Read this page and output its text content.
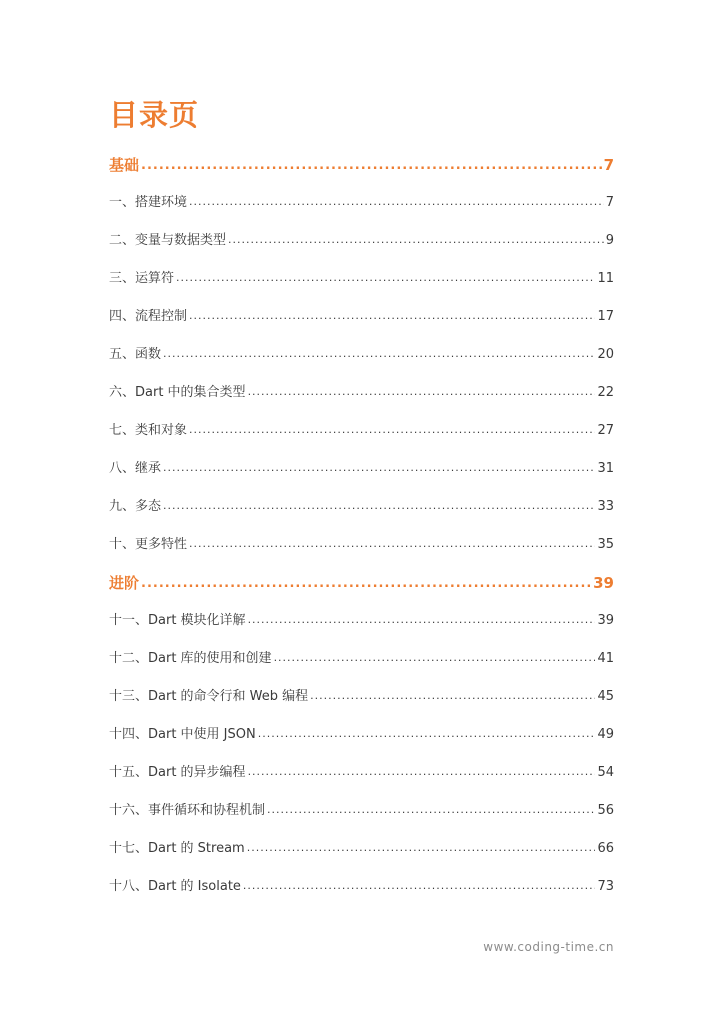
目录页
基础 .....	7
一、搭建环境 .....	7
二、变量与数据类型 .....	9
三、运算符 .....	11
四、流程控制 .....	17
五、函数 .....	20
六、Dart 中的集合类型 .....	22
七、类和对象 .....	27
八、继承 .....	31
九、多态 .....	33
十、更多特性 .....	35
进阶 .....	39
十一、Dart 模块化详解 .....	39
十二、Dart 库的使用和创建 .....	41
十三、Dart 的命令行和 Web 编程 .....	45
十四、Dart 中使用 JSON .....	49
十五、Dart 的异步编程 .....	54
十六、事件循环和协程机制 .....	56
十七、Dart 的 Stream .....	66
十八、Dart 的 Isolate .....	73
www.coding-time.cn
